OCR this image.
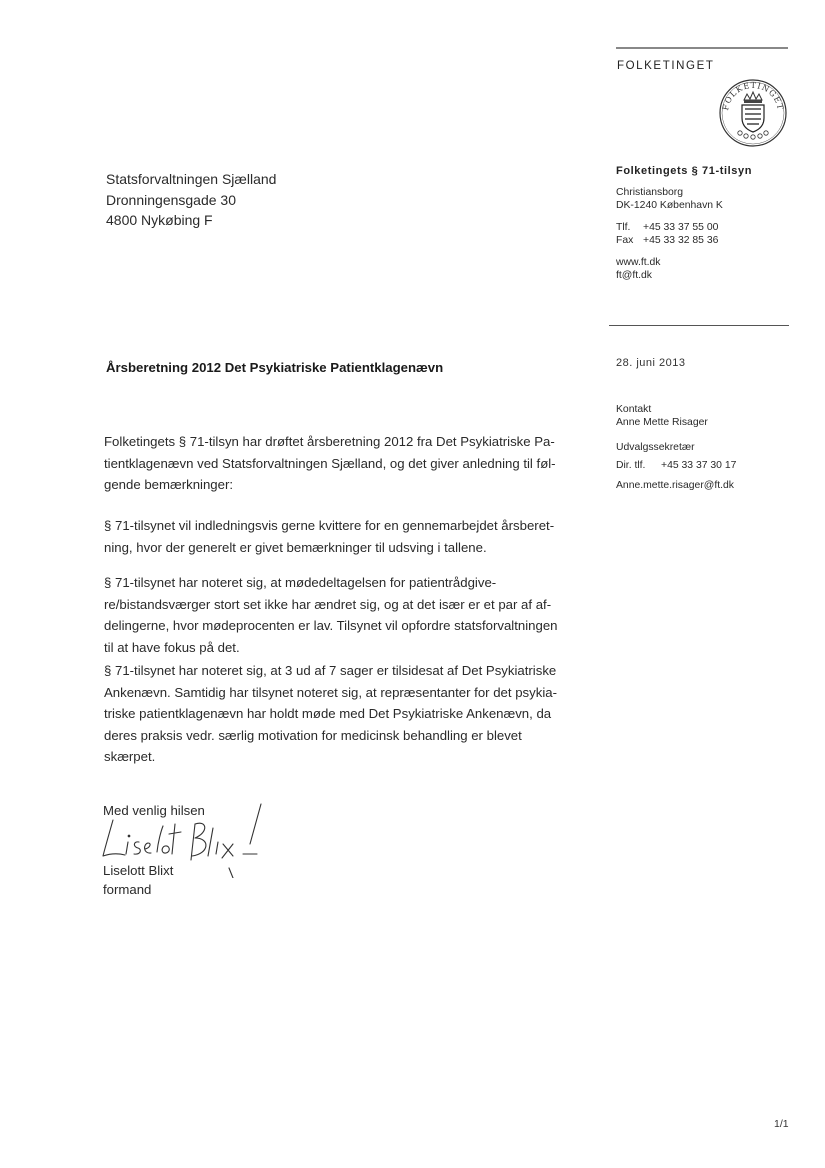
FOLKETINGET
FOLKETINGET
Statsforvaltningen Sjælland
Dronningensgade 30
4800 Nykøbing F
Folketingets § 71-tilsyn
Christiansborg
DK-1240 København K
Tlf. +45 33 37 55 00
Fax +45 33 32 85 36
www.ft.dk
ft@ft.dk
28. juni 2013
Kontakt
Anne Mette Risager
Udvalgssekretær
Dir. tlf. +45 33 37 30 17
Anne.mette.risager@ft.dk
Årsberetning 2012 Det Psykiatriske Patientklagenævn
Folketingets § 71-tilsyn har drøftet årsberetning 2012 fra Det Psykiatriske Pa-
tientklagenævn ved Statsforvaltningen Sjælland, og det giver anledning til føl-
gende bemærkninger:
§ 71-tilsynet vil indledningsvis gerne kvittere for en gennemarbejdet årsberet-
ning, hvor der generelt er givet bemærkninger til udsving i tallene.
§ 71-tilsynet har noteret sig, at mødedeltagelsen for patientrådgive-
re/bistandsværger stort set ikke har ændret sig, og at det især er et par af af-
delingerne, hvor mødeprocenten er lav. Tilsynet vil opfordre statsforvaltningen
til at have fokus på det.
§ 71-tilsynet har noteret sig, at 3 ud af 7 sager er tilsidesat af Det Psykiatriske
Ankenævn. Samtidig har tilsynet noteret sig, at repræsentanter for det psykia-
triske patientklagenævn har holdt møde med Det Psykiatriske Ankenævn, da
deres praksis vedr. særlig motivation for medicinsk behandling er blevet
skærpet.
Med venlig hilsen
Liselott Blixt
formand
1/1
